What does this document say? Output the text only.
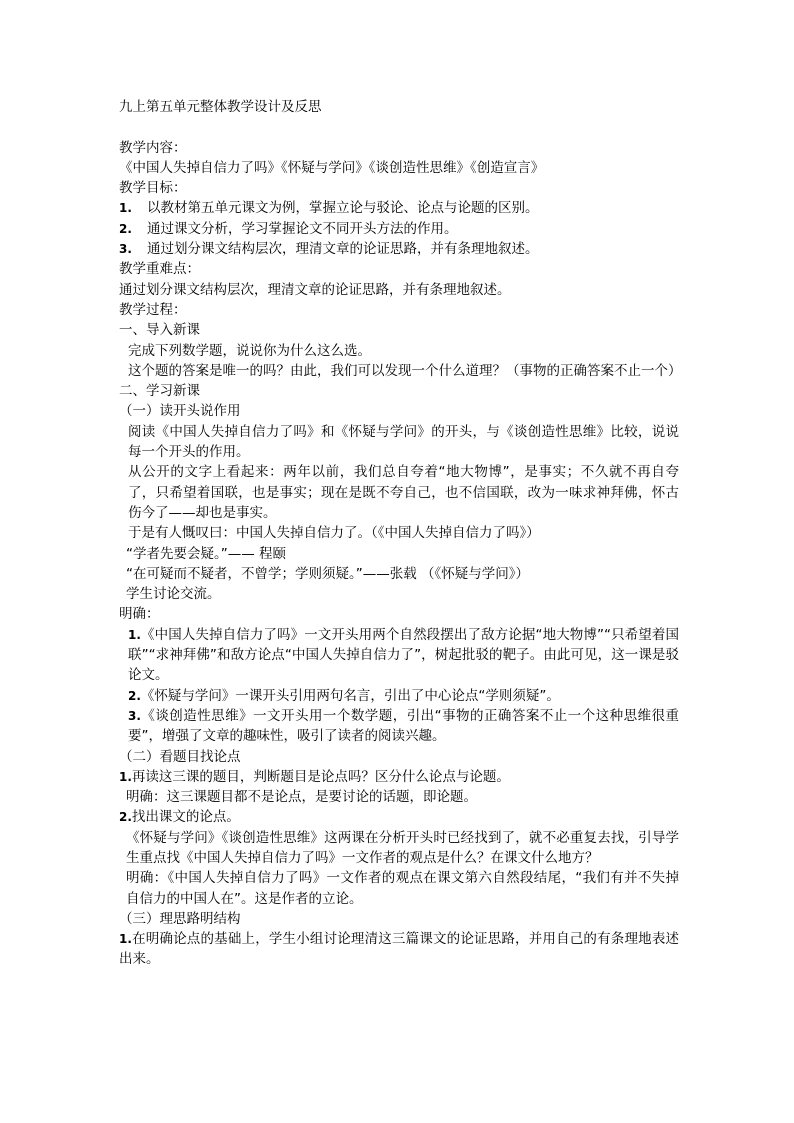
九上第五单元整体教学设计及反思
教学内容：
《中国人失掉自信力了吗》《怀疑与学问》《谈创造性思维》《创造宣言》
教学目标：
1. 以教材第五单元课文为例，掌握立论与驳论、论点与论题的区别。
2. 通过课文分析，学习掌握论文不同开头方法的作用。
3. 通过划分课文结构层次，理清文章的论证思路，并有条理地叙述。
教学重难点：
通过划分课文结构层次，理清文章的论证思路，并有条理地叙述。
教学过程：
一、导入新课
完成下列数学题，说说你为什么这么选。
这个题的答案是唯一的吗？由此，我们可以发现一个什么道理？（事物的正确答案不止一个）
二、学习新课
（一）读开头说作用
阅读《中国人失掉自信力了吗》和《怀疑与学问》的开头，与《谈创造性思维》比较，说说每一个开头的作用。
从公开的文字上看起来：两年以前，我们总自夸着“地大物博”，是事实；不久就不再自夸了，只希望着国联，也是事实；现在是既不夸自己，也不信国联，改为一味求神拜佛，怀古伤今了——却也是事实。
于是有人慨叹曰：中国人失掉自信力了。（《中国人失掉自信力了吗》）
“学者先要会疑。”—— 程颐
“在可疑而不疑者，不曾学；学则须疑。”——张载 （《怀疑与学问》）
学生讨论交流。
明确：
1.《中国人失掉自信力了吗》一文开头用两个自然段摆出了敌方论据“地大物博”“只希望着国联”“求神拜佛”和敌方论点“中国人失掉自信力了”，树起批驳的靶子。由此可见，这一课是驳论文。
2.《怀疑与学问》一课开头引用两句名言，引出了中心论点“学则须疑”。
3.《谈创造性思维》一文开头用一个数学题，引出“事物的正确答案不止一个这种思维很重要”，增强了文章的趣味性，吸引了读者的阅读兴趣。
（二）看题目找论点
1.再读这三课的题目，判断题目是论点吗？区分什么论点与论题。
明确：这三课题目都不是论点，是要讨论的话题，即论题。
2.找出课文的论点。
《怀疑与学问》《谈创造性思维》这两课在分析开头时已经找到了，就不必重复去找，引导学生重点找《中国人失掉自信力了吗》一文作者的观点是什么？在课文什么地方？
明确：《中国人失掉自信力了吗》一文作者的观点在课文第六自然段结尾，“我们有并不失掉自信力的中国人在”。这是作者的立论。
（三）理思路明结构
1.在明确论点的基础上，学生小组讨论理清这三篇课文的论证思路，并用自己的有条理地表述出来。
